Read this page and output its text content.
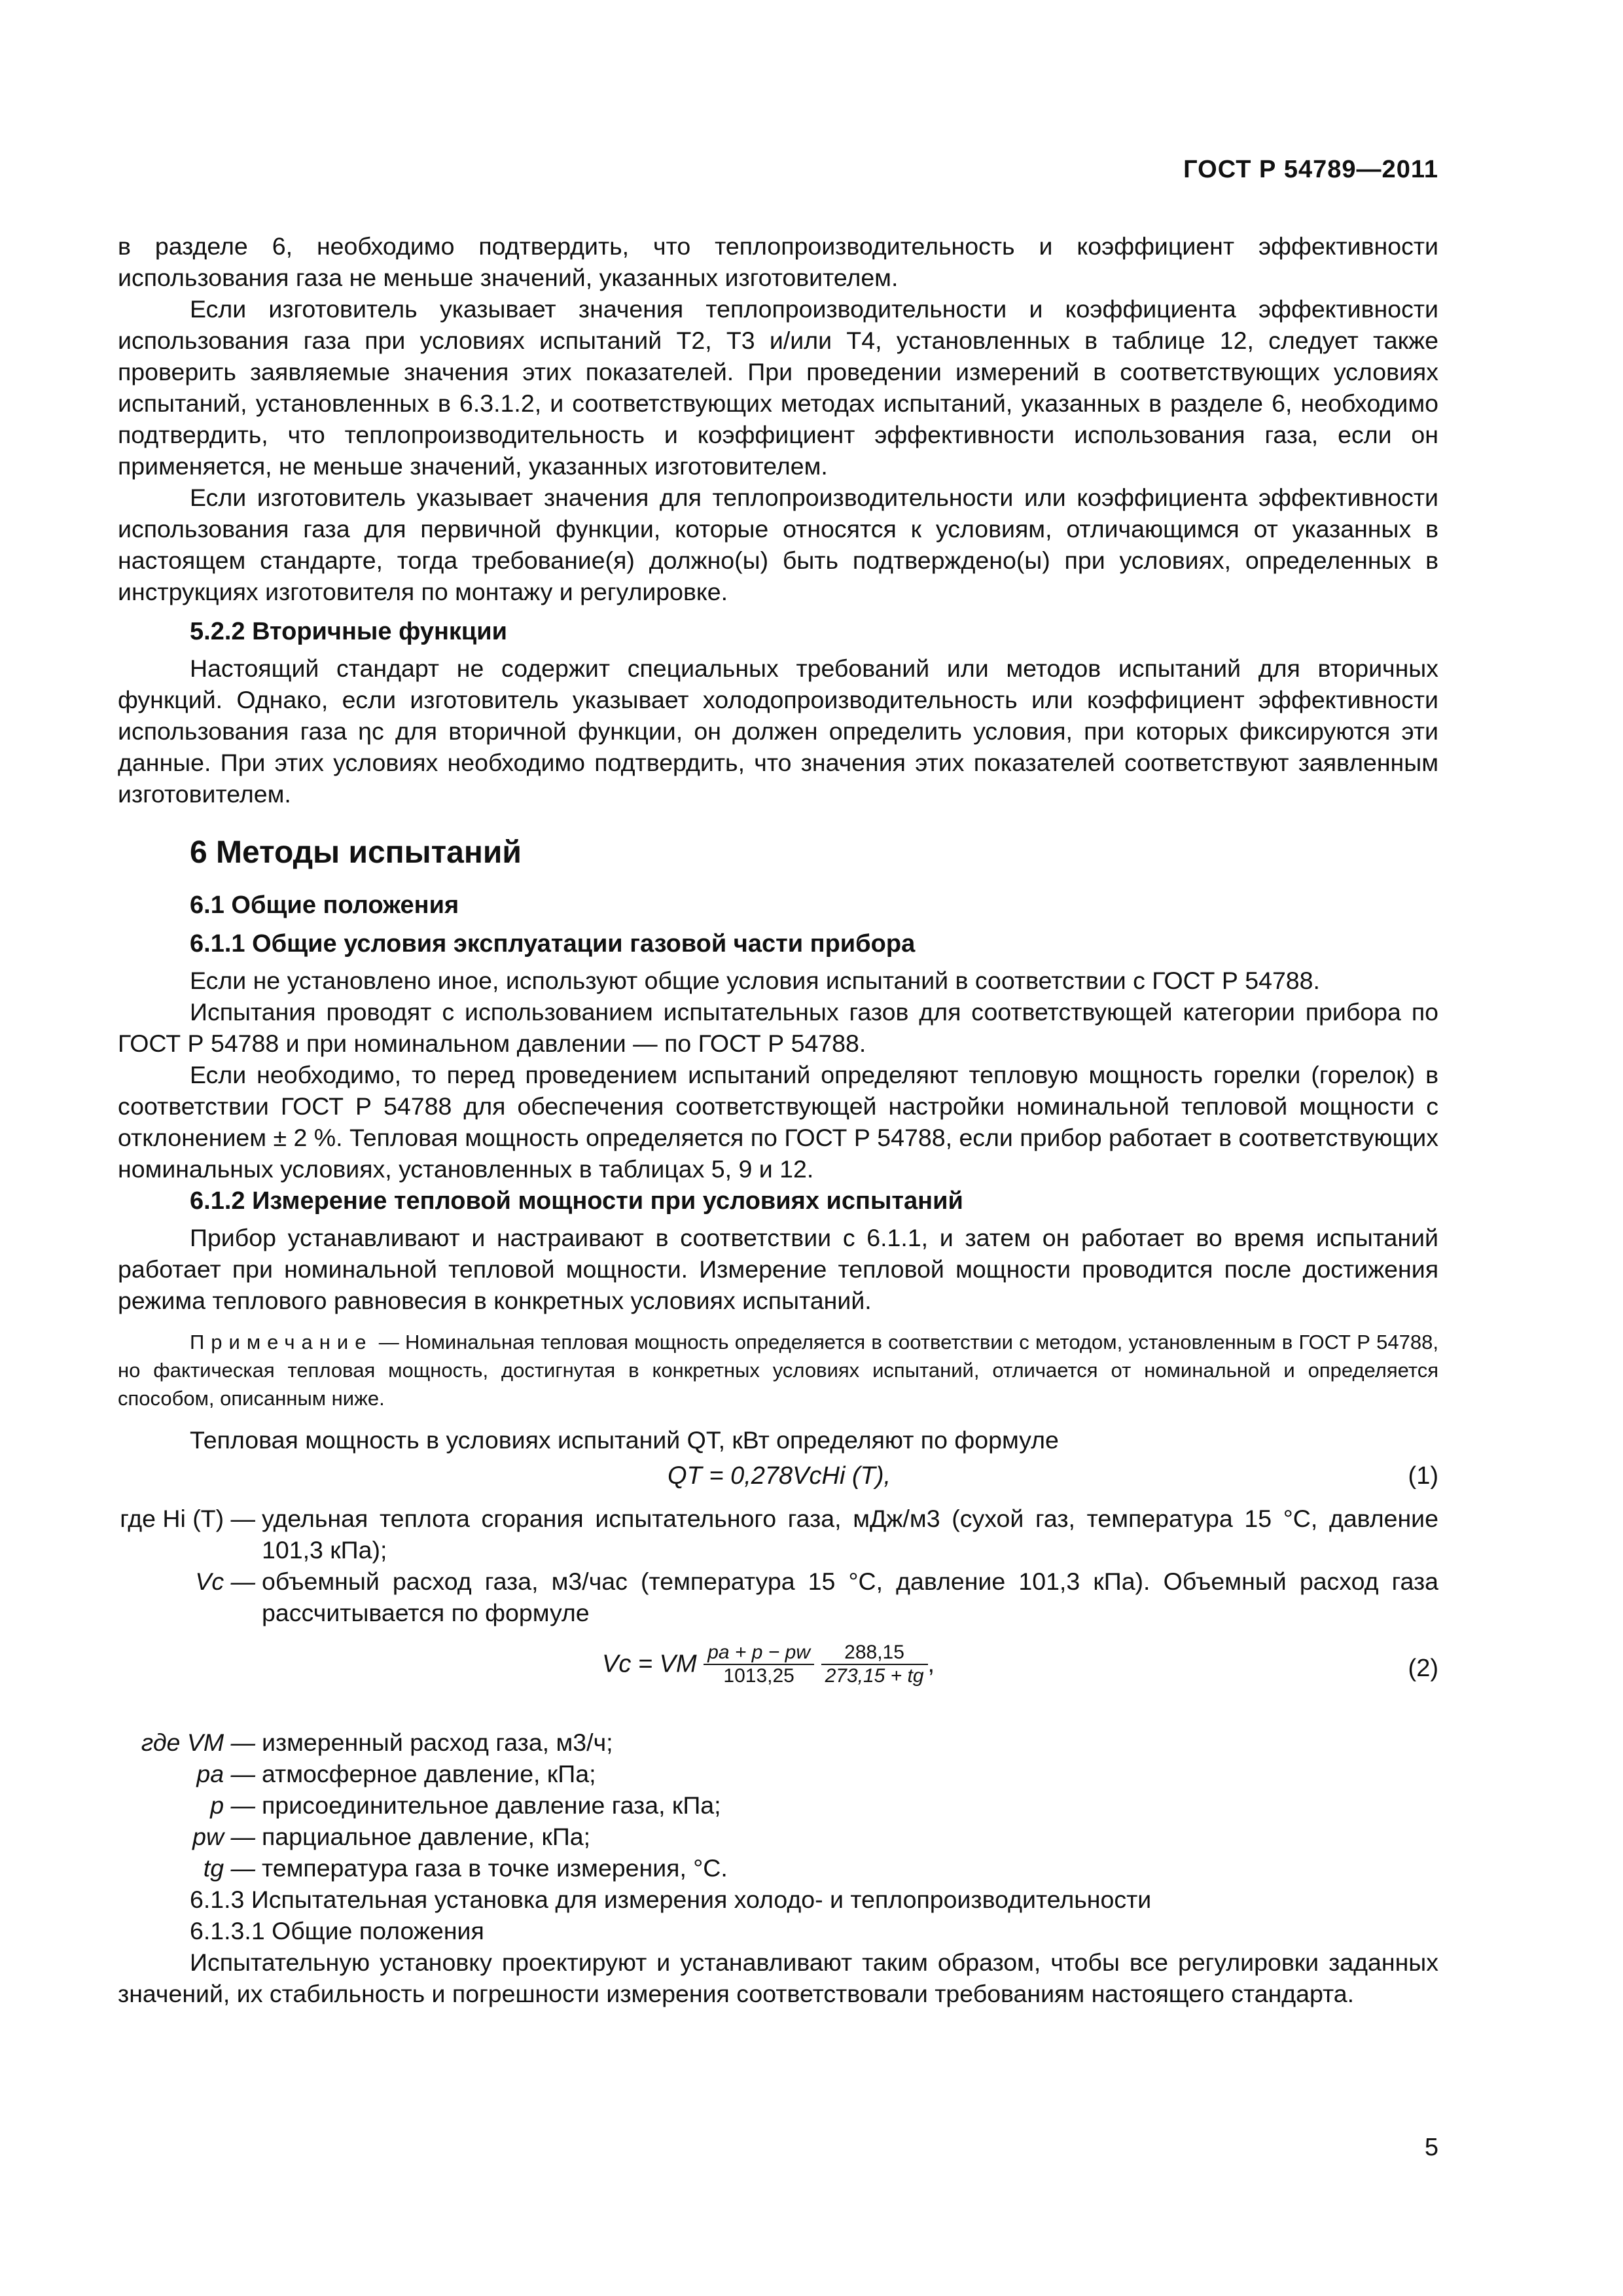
ГОСТ Р 54789—2011

в разделе 6, необходимо подтвердить, что теплопроизводительность и коэффициент эффективности использования газа не меньше значений, указанных изготовителем.

Если изготовитель указывает значения теплопроизводительности и коэффициента эффективности использования газа при условиях испытаний Т2, Т3 и/или Т4, установленных в таблице 12, следует также проверить заявляемые значения этих показателей. При проведении измерений в соответствующих условиях испытаний, установленных в 6.3.1.2, и соответствующих методах испытаний, указанных в разделе 6, необходимо подтвердить, что теплопроизводительность и коэффициент эффективности использования газа, если он применяется, не меньше значений, указанных изготовителем.

Если изготовитель указывает значения для теплопроизводительности или коэффициента эффективности использования газа для первичной функции, которые относятся к условиям, отличающимся от указанных в настоящем стандарте, тогда требование(я) должно(ы) быть подтверждено(ы) при условиях, определенных в инструкциях изготовителя по монтажу и регулировке.

5.2.2 Вторичные функции

Настоящий стандарт не содержит специальных требований или методов испытаний для вторичных функций. Однако, если изготовитель указывает холодопроизводительность или коэффициент эффективности использования газа ηc для вторичной функции, он должен определить условия, при которых фиксируются эти данные. При этих условиях необходимо подтвердить, что значения этих показателей соответствуют заявленным изготовителем.

6 Методы испытаний
6.1 Общие положения
6.1.1 Общие условия эксплуатации газовой части прибора

Если не установлено иное, используют общие условия испытаний в соответствии с ГОСТ Р 54788.

Испытания проводят с использованием испытательных газов для соответствующей категории прибора по ГОСТ Р 54788 и при номинальном давлении — по ГОСТ Р 54788.

Если необходимо, то перед проведением испытаний определяют тепловую мощность горелки (горелок) в соответствии ГОСТ Р 54788 для обеспечения соответствующей настройки номинальной тепловой мощности с отклонением ± 2 %. Тепловая мощность определяется по ГОСТ Р 54788, если прибор работает в соответствующих номинальных условиях, установленных в таблицах 5, 9 и 12.

6.1.2 Измерение тепловой мощности при условиях испытаний

Прибор устанавливают и настраивают в соответствии с 6.1.1, и затем он работает во время испытаний работает при номинальной тепловой мощности. Измерение тепловой мощности проводится после достижения режима теплового равновесия в конкретных условиях испытаний.

Примечание — Номинальная тепловая мощность определяется в соответствии с методом, установленным в ГОСТ Р 54788, но фактическая тепловая мощность, достигнутая в конкретных условиях испытаний, отличается от номинальной и определяется способом, описанным ниже.

Тепловая мощность в условиях испытаний QT, кВт определяют по формуле

QT = 0,278VcHi (T),	(1)
где Hi (T) — удельная теплота сгорания испытательного газа, мДж/м3 (сухой газ, температура 15 °С, давление 101,3 кПа);
Vc — объемный расход газа, м3/час (температура 15 °С, давление 101,3 кПа). Объемный расход газа рассчитывается по формуле
Vc = VM $\frac{pa + p - pw}{1013,25}$
$\frac{288,15}{273,15 + tg}$ ,	(2)
где VM — измеренный расход газа, м3/ч;
pa — атмосферное давление, кПа;
p — присоединительное давление газа, кПа;
pw — парциальное давление, кПа;
tg — температура газа в точке измерения, °С.

6.1.3 Испытательная установка для измерения холодо- и теплопроизводительности

6.1.3.1 Общие положения

Испытательную установку проектируют и устанавливают таким образом, чтобы все регулировки заданных значений, их стабильность и погрешности измерения соответствовали требованиям настоящего стандарта.

5
